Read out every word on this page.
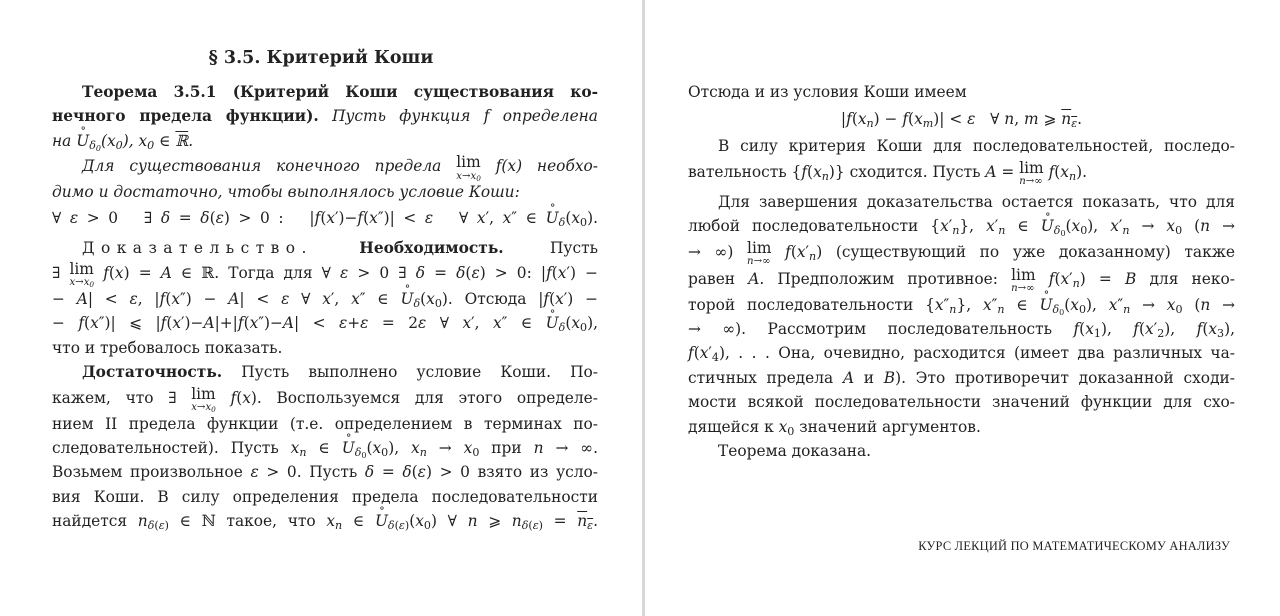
§ 3.5. Критерий Коши
Теорема 3.5.1 (Критерий Коши существования ко-
нечного предела функции). Пусть функция f определена
на U $˚_{\delta_0}(x_0)$, $x_0$ ∈ ℝ.
Для существования конечного предела lim
$x\to x_0$
f(x) необхо-
димо и достаточно, чтобы выполнялось условие Коши:
∀ ε > 0   ∃ δ = δ(ε) > 0 :   |f(x′)−f(x″)| < ε   ∀ x′, x″ ∈ U $˚_\delta(x_0)$.
Доказательство.	Необходимость. Пусть
∃ lim
$x\to x_0$
f(x) = A ∈ ℝ. Тогда для ∀ ε > 0 ∃ δ = δ(ε) > 0: |f(x′) −
− A| < ε, |f(x″) − A| < ε ∀ x′, x″ ∈ U $˚_\delta(x_0)$. Отсюда |f(x′) −
− f(x″)| ⩽ |f(x′)−A|+|f(x″)−A| < ε+ε = 2ε ∀ x′, x″ ∈ U $˚_\delta(x_0)$,
что и требовалось показать.
Достаточность. Пусть выполнено условие Коши. По-
кажем, что ∃ lim
$x\to x_0$
f(x). Воспользуемся для этого определе-
нием II предела функции (т.е. определением в терминах по-
следовательностей). Пусть $x_n$ ∈ U $˚_{\delta_0}(x_0)$, $x_n \to x_0$ при n → ∞.
Возьмем произвольное ε > 0. Пусть δ = δ(ε) > 0 взято из усло-
вия Коши. В силу определения предела последовательности
найдется $n_{\delta(\varepsilon)}$ ∈ ℕ такое, что $x_n$ ∈ U $˚_{\delta(\varepsilon)}(x_0)$ ∀ n ⩾ $n_{\delta(\varepsilon)} = n_\varepsilon$.
Отсюда и из условия Коши имеем
$|f(x_n) - f(x_m)| < \varepsilon$   ∀ n, m ⩾ $n_\varepsilon$.
В силу критерия Коши для последовательностей, последо-
вательность $\{f(x_n)\}$ сходится. Пусть A = lim
n→∞
$f(x_n)$.
Для завершения доказательства остается показать, что для
любой последовательности $\{x'_n\}$, $x'_n$ ∈ U $˚_{\delta_0}(x_0)$, $x'_n \to x_0$ (n →
→ ∞) lim
n→∞
$f(x'_n)$ (существующий по уже доказанному) также
равен A. Предположим противное: lim
n→∞
$f(x'_n) = B$ для неко-
торой последовательности $\{x''_n\}$, $x''_n$ ∈ U $˚_{\delta_0}(x_0)$, $x''_n \to x_0$ (n →
→ ∞). Рассмотрим последовательность $f(x_1)$, $f(x'_2)$, $f(x_3)$,
$f(x'_4)$, . . . Она, очевидно, расходится (имеет два различных ча-
стичных предела A и B). Это противоречит доказанной сходи-
мости всякой последовательности значений функции для схо-
дящейся к $x_0$ значений аргументов.
Теорема доказана.
КУРС ЛЕКЦИЙ ПО МАТЕМАТИЧЕСКОМУ АНАЛИЗУ
